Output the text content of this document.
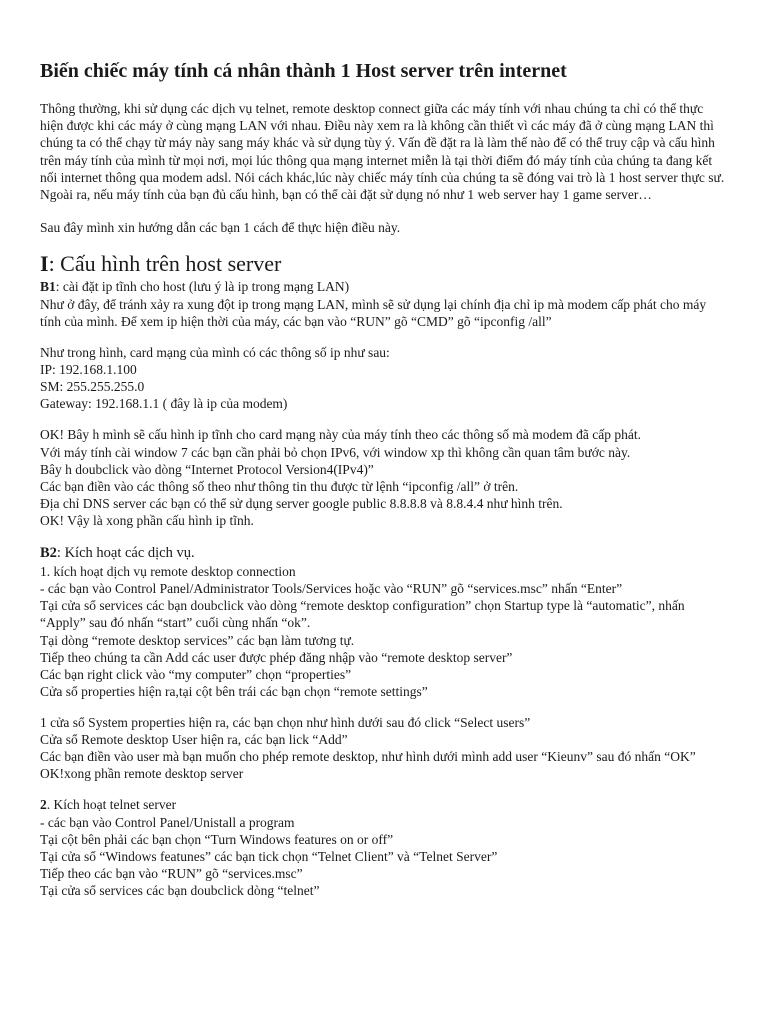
Biến chiếc máy tính cá nhân thành 1 Host server trên internet

Thông thường, khi sử dụng các dịch vụ telnet, remote desktop connect giữa các máy tính với nhau chúng ta chỉ có thể thực hiện được khi các máy ở cùng mạng LAN với nhau. Điều này xem ra là không cần thiết vì các máy đã ở cùng mạng LAN thì chúng ta có thể chạy từ máy này sang máy khác và sử dụng tùy ý. Vấn đề đặt ra là làm thế nào để có thể truy cập và cấu hình trên máy tính của mình từ mọi nơi, mọi lúc thông qua mạng internet miễn là tại thời điểm đó máy tính của chúng ta đang kết nối internet thông qua modem adsl. Nói cách khác,lúc này chiếc máy tính của chúng ta sẽ đóng vai trò là 1 host server thực sư. Ngoài ra, nếu máy tính của bạn đủ cấu hình, bạn có thể cài đặt sử dụng nó như 1 web server hay 1 game server…

Sau đây mình xin hướng dẫn các bạn 1 cách để thực hiện điều này.

I: Cấu hình trên host server

B1: cài đặt ip tĩnh cho host (lưu ý là ip trong mạng LAN)

Như ở đây, để tránh xảy ra xung đột ip trong mạng LAN, mình sẽ sử dụng lại chính địa chỉ ip mà modem cấp phát cho máy tính của mình. Để xem ip hiện thời của máy, các bạn vào “RUN” gõ “CMD” gõ “ipconfig /all”

Như trong hình, card mạng của mình có các thông số ip như sau:

IP: 192.168.1.100

SM: 255.255.255.0

Gateway: 192.168.1.1 ( đây là ip của modem)

OK! Bây h mình sẽ cấu hình ip tĩnh cho card mạng này của máy tính theo các thông số mà modem đã cấp phát.

Với máy tính cài window 7 các bạn cần phải bỏ chọn IPv6, với window xp thì không cần quan tâm bước này.

Bây h doubclick vào dòng “Internet Protocol Version4(IPv4)”

Các bạn điền vào các thông số theo như thông tin thu được từ lệnh “ipconfig /all” ở trên.

Địa chỉ DNS server các bạn có thể sử dụng server google public 8.8.8.8 và 8.8.4.4 như hình trên.

OK! Vậy là xong phần cấu hình ip tĩnh.

B2: Kích hoạt các dịch vụ.

1. kích hoạt dịch vụ remote desktop connection

- các bạn vào Control Panel/Administrator Tools/Services hoặc vào “RUN” gõ “services.msc” nhấn “Enter”

Tại cửa sổ services các bạn doubclick vào dòng “remote desktop configuration” chọn Startup type là “automatic”, nhấn “Apply” sau đó nhấn “start” cuối cùng nhấn “ok”.

Tại dòng “remote desktop services” các bạn làm tương tự.

Tiếp theo chúng ta cần Add các user được phép đăng nhập vào “remote desktop server”

Các bạn right click vào “my computer” chọn “properties”

Cửa sổ properties hiện ra,tại cột bên trái các bạn chọn “remote settings”

1 cửa sổ System properties hiện ra, các bạn chọn như hình dưới sau đó click “Select users”

Cửa sổ Remote desktop User hiện ra, các bạn lick “Add”

Các bạn điền vào user mà bạn muốn cho phép remote desktop, như hình dưới mình add user “Kieunv” sau đó nhấn “OK”

OK!xong phần remote desktop server

2. Kích hoạt telnet server

- các bạn vào Control Panel/Unistall a program

Tại cột bên phải các bạn chọn “Turn Windows features on or off”

Tại cửa sổ “Windows featunes” các bạn tick chọn “Telnet Client” và “Telnet Server”

Tiếp theo các bạn vào “RUN” gõ “services.msc”

Tại cửa sổ services các bạn doubclick dòng “telnet”
